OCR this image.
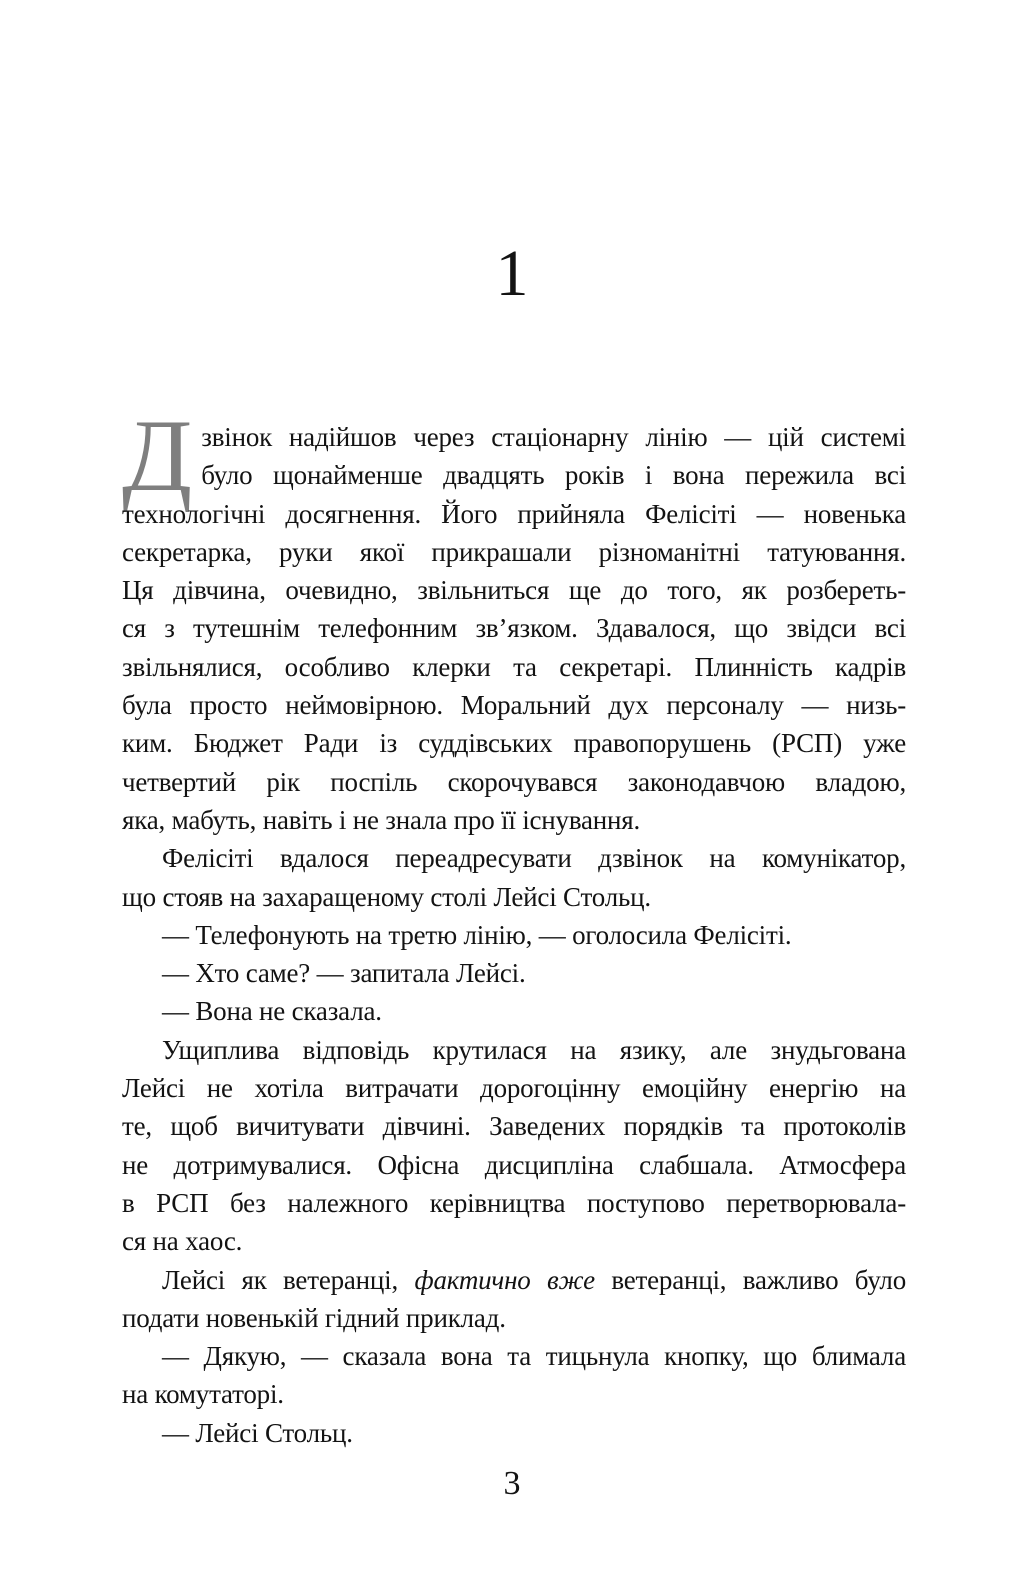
1
Д звінок надійшов через стаціонарну лінію — цій системі
було щонайменше двадцять років і вона пережила всі
технологічні досягнення. Його прийняла Фелісіті — новенька
секретарка, руки якої прикрашали різноманітні татуювання.
Ця дівчина, очевидно, звільниться ще до того, як розбереть-
ся з тутешнім телефонним зв’язком. Здавалося, що звідси всі
звільнялися, особливо клерки та секретарі. Плинність кадрів
була просто неймовірною. Моральний дух персоналу — низь-
ким. Бюджет Ради із суддівських правопорушень (РСП) уже
четвертий рік поспіль скорочувався законодавчою владою,
яка, мабуть, навіть і не знала про її існування.
Фелісіті вдалося переадресувати дзвінок на комунікатор,
що стояв на захаращеному столі Лейсі Стольц.
— Телефонують на третю лінію, — оголосила Фелісіті.
— Хто саме? — запитала Лейсі.
— Вона не сказала.
Ущиплива відповідь крутилася на язику, але знудьгована
Лейсі не хотіла витрачати дорогоцінну емоційну енергію на
те, щоб вичитувати дівчині. Заведених порядків та протоколів
не дотримувалися. Офісна дисципліна слабшала. Атмосфера
в РСП без належного керівництва поступово перетворювала-
ся на хаос.
Лейсі як ветеранці, фактично вже ветеранці, важливо було
подати новенькій гідний приклад.
— Дякую, — сказала вона та тицьнула кнопку, що блимала
на комутаторі.
— Лейсі Стольц.
3
